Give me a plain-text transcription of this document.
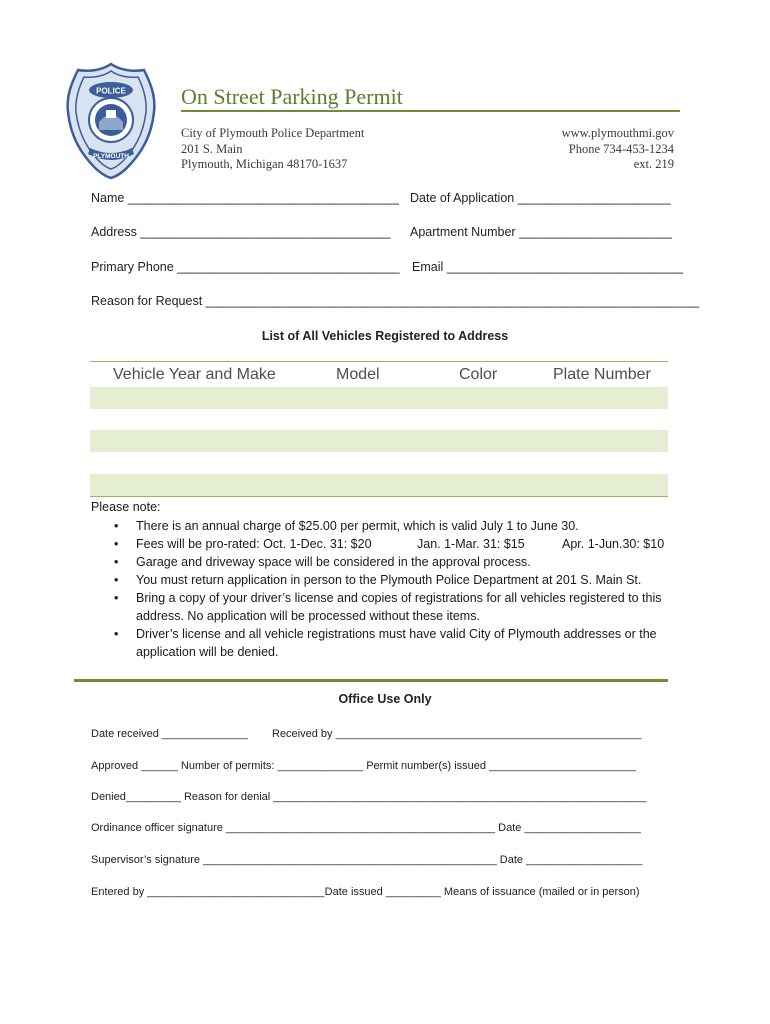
POLICE
PLYMOUTH
On Street Parking Permit
City of Plymouth Police Department
201 S. Main
Plymouth, Michigan 48170-1637
www.plymouthmi.gov
Phone 734-453-1234
ext. 219
Name _______________________________________ Date of Application ______________________
Address ____________________________________ Apartment Number ______________________
Primary Phone ________________________________ Email __________________________________
Reason for Request _______________________________________________________________________
List of All Vehicles Registered to Address
Vehicle Year and Make	Model	Color	Plate Number
Please note:
• There is an annual charge of $25.00 per permit, which is valid July 1 to June 30.
• Fees will be pro-rated: Oct. 1-Dec. 31: $20	Jan. 1-Mar. 31: $15	Apr. 1-Jun.30: $10
• Garage and driveway space will be considered in the approval process.
• You must return application in person to the Plymouth Police Department at 201 S. Main St.
• Bring a copy of your driver’s license and copies of registrations for all vehicles registered to this address. No application will be processed without these items.
• Driver’s license and all vehicle registrations must have valid City of Plymouth addresses or the application will be denied.
Office Use Only
Date received ______________ Received by __________________________________________________
Approved ______ Number of permits: ______________ Permit number(s) issued ________________________
Denied_________ Reason for denial _____________________________________________________________
Ordinance officer signature ____________________________________________ Date ___________________
Supervisor’s signature ________________________________________________ Date ___________________
Entered by _____________________________Date issued _________ Means of issuance (mailed or in person)
